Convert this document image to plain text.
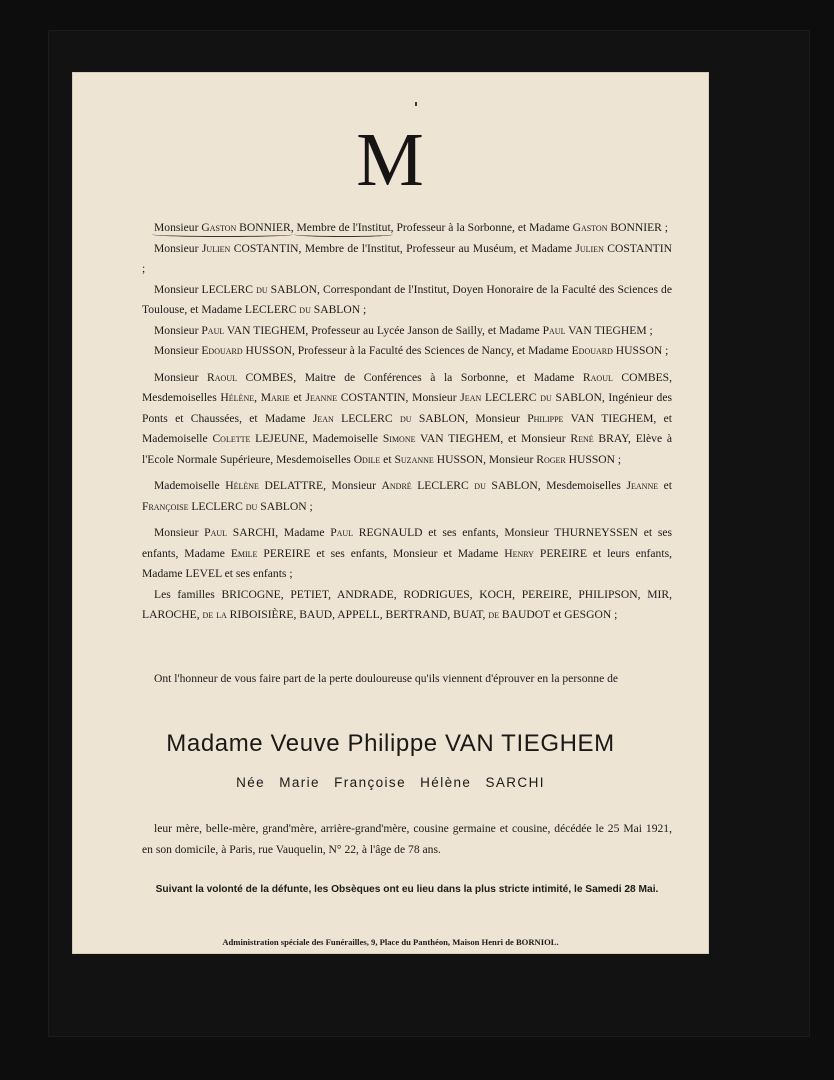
M

Monsieur Gaston BONNIER, Membre de l'Institut, Professeur à la Sorbonne, et Madame Gaston BONNIER ;

Monsieur Julien COSTANTIN, Membre de l'Institut, Professeur au Muséum, et Madame Julien COSTANTIN ;

Monsieur LECLERC du SABLON, Correspondant de l'Institut, Doyen Honoraire de la Faculté des Sciences de Toulouse, et Madame LECLERC du SABLON ;

Monsieur Paul VAN TIEGHEM, Professeur au Lycée Janson de Sailly, et Madame Paul VAN TIEGHEM ;

Monsieur Edouard HUSSON, Professeur à la Faculté des Sciences de Nancy, et Madame Edouard HUSSON ;

Monsieur Raoul COMBES, Maitre de Conférences à la Sorbonne, et Madame Raoul COMBES, Mesdemoiselles Hélène, Marie et Jeanne COSTANTIN, Monsieur Jean LECLERC du SABLON, Ingénieur des Ponts et Chaussées, et Madame Jean LECLERC du SABLON, Monsieur Philippe VAN TIEGHEM, et Mademoiselle Colette LEJEUNE, Mademoiselle Simone VAN TIEGHEM, et Monsieur René BRAY, Elève à l'Ecole Normale Supérieure, Mesdemoiselles Odile et Suzanne HUSSON, Monsieur Roger HUSSON ;

Mademoiselle Hélène DELATTRE, Monsieur André LECLERC du SABLON, Mesdemoiselles Jeanne et Françoise LECLERC du SABLON ;

Monsieur Paul SARCHI, Madame Paul REGNAULD et ses enfants, Monsieur THURNEYSSEN et ses enfants, Madame Emile PEREIRE et ses enfants, Monsieur et Madame Henry PEREIRE et leurs enfants, Madame LEVEL et ses enfants ;

Les familles BRICOGNE, PETIET, ANDRADE, RODRIGUES, KOCH, PEREIRE, PHILIPSON, MIR, LAROCHE, de la RIBOISIÈRE, BAUD, APPELL, BERTRAND, BUAT, de BAUDOT et GESGON ;

Ont l'honneur de vous faire part de la perte douloureuse qu'ils viennent d'éprouver en la personne de

Madame Veuve Philippe VAN TIEGHEM
Née Marie Françoise Hélène SARCHI

leur mère, belle-mère, grand'mère, arrière-grand'mère, cousine germaine et cousine, décédée le 25 Mai 1921, en son domicile, à Paris, rue Vauquelin, N° 22, à l'âge de 78 ans.

Suivant la volonté de la défunte, les Obsèques ont eu lieu dans la plus stricte intimité, le Samedi 28 Mai.
Administration spéciale des Funérailles, 9, Place du Panthéon, Maison Henri de BORNIOL.
